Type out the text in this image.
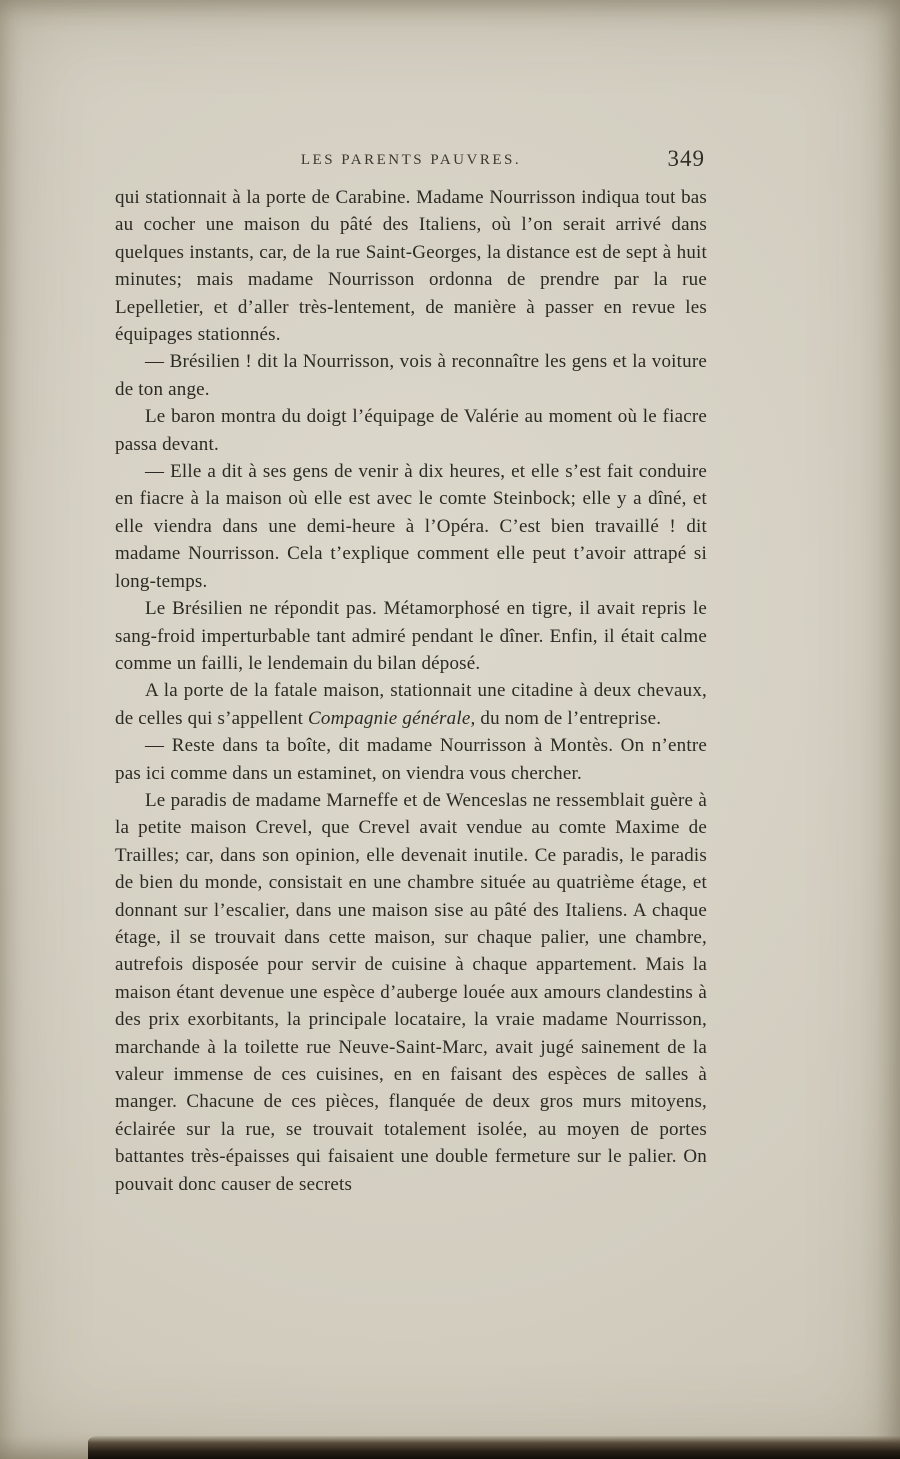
LES PARENTS PAUVRES.	349

qui stationnait à la porte de Carabine. Madame Nourrisson indiqua tout bas au cocher une maison du pâté des Italiens, où l’on serait arrivé dans quelques instants, car, de la rue Saint-Georges, la distance est de sept à huit minutes; mais madame Nourrisson ordonna de prendre par la rue Lepelletier, et d’aller très-lentement, de manière à passer en revue les équipages stationnés.

— Brésilien ! dit la Nourrisson, vois à reconnaître les gens et la voiture de ton ange.

Le baron montra du doigt l’équipage de Valérie au moment où le fiacre passa devant.

— Elle a dit à ses gens de venir à dix heures, et elle s’est fait conduire en fiacre à la maison où elle est avec le comte Steinbock; elle y a dîné, et elle viendra dans une demi-heure à l’Opéra. C’est bien travaillé ! dit madame Nourrisson. Cela t’explique comment elle peut t’avoir attrapé si long-temps.

Le Brésilien ne répondit pas. Métamorphosé en tigre, il avait repris le sang-froid imperturbable tant admiré pendant le dîner. Enfin, il était calme comme un failli, le lendemain du bilan déposé.

A la porte de la fatale maison, stationnait une citadine à deux chevaux, de celles qui s’appellent Compagnie générale, du nom de l’entreprise.

— Reste dans ta boîte, dit madame Nourrisson à Montès. On n’entre pas ici comme dans un estaminet, on viendra vous chercher.

Le paradis de madame Marneffe et de Wenceslas ne ressemblait guère à la petite maison Crevel, que Crevel avait vendue au comte Maxime de Trailles; car, dans son opinion, elle devenait inutile. Ce paradis, le paradis de bien du monde, consistait en une chambre située au quatrième étage, et donnant sur l’escalier, dans une maison sise au pâté des Italiens. A chaque étage, il se trouvait dans cette maison, sur chaque palier, une chambre, autrefois disposée pour servir de cuisine à chaque appartement. Mais la maison étant devenue une espèce d’auberge louée aux amours clandestins à des prix exorbitants, la principale locataire, la vraie madame Nourrisson, marchande à la toilette rue Neuve-Saint-Marc, avait jugé sainement de la valeur immense de ces cuisines, en en faisant des espèces de salles à manger. Chacune de ces pièces, flanquée de deux gros murs mitoyens, éclairée sur la rue, se trouvait totalement isolée, au moyen de portes battantes très-épaisses qui faisaient une double fermeture sur le palier. On pouvait donc causer de secrets
